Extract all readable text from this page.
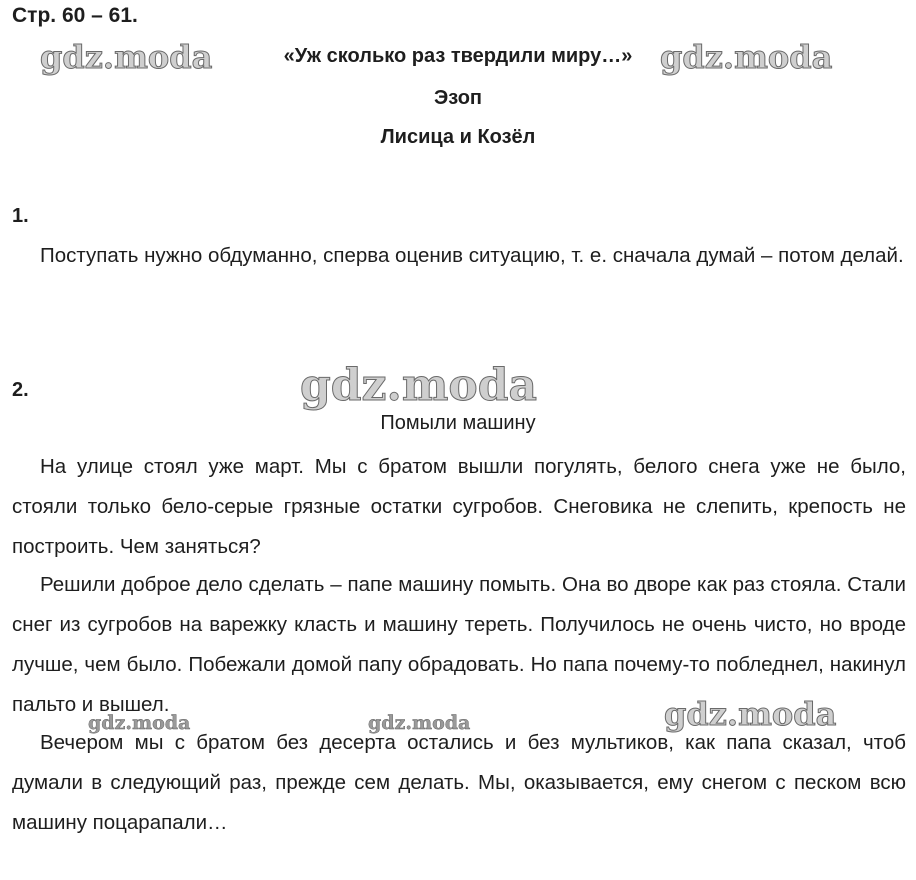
Стр. 60 – 61.
«Уж сколько раз твердили миру…»
Эзоп
Лисица и Козёл
1.

Поступать нужно обдуманно, сперва оценив ситуацию, т. е. сначала думай – потом делай.

2.
Помыли машину

На улице стоял уже март. Мы с братом вышли погулять, белого снега уже не было, стояли только бело-серые грязные остатки сугробов. Снеговика не слепить, крепость не построить. Чем заняться?

Решили доброе дело сделать – папе машину помыть. Она во дворе как раз стояла. Стали снег из сугробов на варежку класть и машину тереть. Получилось не очень чисто, но вроде лучше, чем было. Побежали домой папу обрадовать. Но папа почему-то побледнел, накинул пальто и вышел.

Вечером мы с братом без десерта остались и без мультиков, как папа сказал, чтоб думали в следующий раз, прежде сем делать. Мы, оказывается, ему снегом с песком всю машину поцарапали…

gdz.moda	gdz.moda
gdz.moda
gdz.moda	gdz.moda	gdz.moda
